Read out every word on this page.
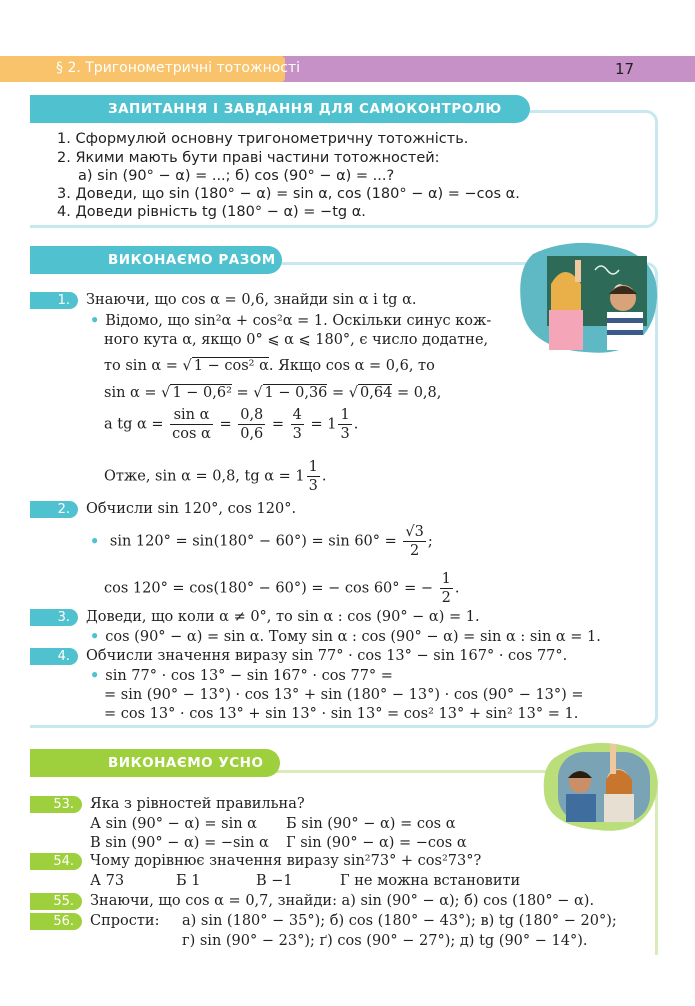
§ 2. Тригонометричні тотожності	17
ЗАПИТАННЯ І ЗАВДАННЯ ДЛЯ САМОКОНТРОЛЮ
1. Сформулюй основну тригонометричну тотожність.
2. Якими мають бути праві частини тотожностей:
а) sin (90° − α) = ...; б) cos (90° − α) = ...?
3. Доведи, що sin (180° − α) = sin α, cos (180° − α) = −cos α.
4. Доведи рівність tg (180° − α) = −tg α.
ВИКОНАЄМО РАЗОМ
1.	Знаючи, що cos α = 0,6, знайди sin α і tg α.
• Відомо, що sin²α + cos²α = 1. Оскільки синус кож-
ного кута α, якщо 0° ⩽ α ⩽ 180°, є число додатне,
то sin α = √ 1 − cos² α. Якщо cos α = 0,6, то
sin α = √ 1 − 0,6² = √ 1 − 0,36 = √ 0,64 = 0,8,
а tg $\alpha = \frac{\text{sin α}}{\text{cos α}} = \frac{0,8}{0,6} = \frac{4}{3} = 1 \frac{1}{3}$ .
Отже, sin α = 0,8, tg $\alpha = 1 \frac{1}{3}$ .
2.	Обчисли sin 120°, cos 120°.
• $\sin 120^\circ = \sin(180^\circ - 60^\circ) = \sin 60^\circ = \frac{√3}{2}$ ;
cos 120° = cos(180° − 60°) = − cos 60° = − $\frac{1}{2}$ .
3.	Доведи, що коли α ≠ 0°, то sin α : cos (90° − α) = 1.
• cos (90° − α) = sin α. Тому sin α : cos (90° − α) = sin α : sin α = 1.
4.	Обчисли значення виразу sin 77° · cos 13° − sin 167° · cos 77°.
• sin 77° · cos 13° − sin 167° · cos 77° =
= sin (90° − 13°) · cos 13° + sin (180° − 13°) · cos (90° − 13°) =
= cos 13° · cos 13° + sin 13° · sin 13° = cos² 13° + sin² 13° = 1.
ВИКОНАЄМО УСНО
53.	Яка з рівностей правильна?
А sin (90° − α) = sin α Б sin (90° − α) = cos α
В sin (90° − α) = −sin α Г sin (90° − α) = −cos α
54.	Чому дорівнює значення виразу sin²73° + cos²73°?
А 73	Б 1	В −1	Г не можна встановити
55.	Знаючи, що cos α = 0,7, знайди: а) sin (90° − α); б) cos (180° − α).
56.	Спрости: а) sin (180° − 35°); б) cos (180° − 43°); в) tg (180° − 20°);
г) sin (90° − 23°); ґ) cos (90° − 27°); д) tg (90° − 14°).
